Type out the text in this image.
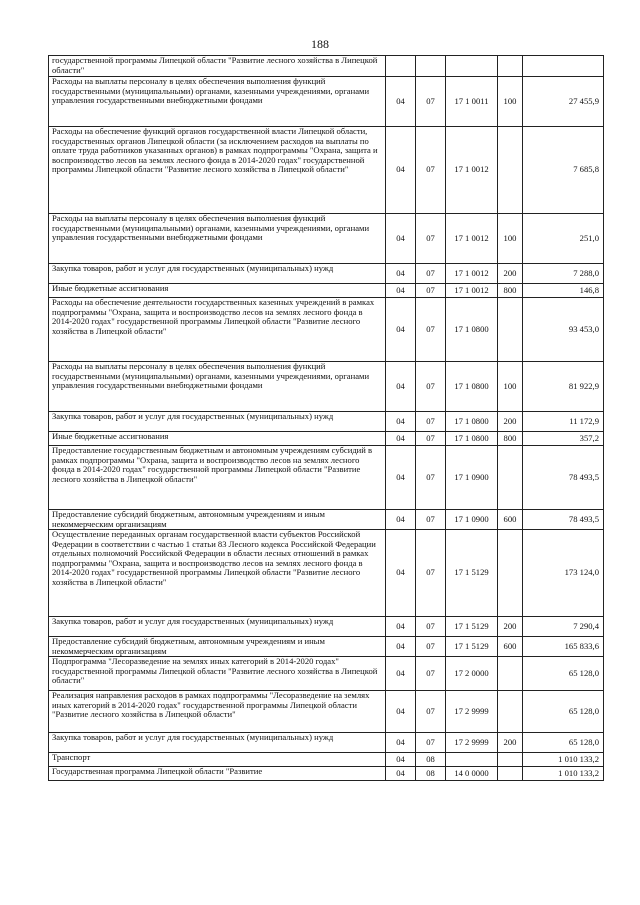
188
государственной программы Липецкой области "Развитие лесного хозяйства в Липецкой области"					
Расходы на выплаты персоналу в целях обеспечения выполнения функций государственными (муниципальными) органами, казенными учреждениями, органами управления государственными внебюджетными фондами	04	07	17 1 0011	100	27 455,9
Расходы на обеспечение функций органов государственной власти Липецкой области, государственных органов Липецкой области (за исключением расходов на выплаты по оплате труда работников указанных органов) в рамках подпрограммы "Охрана, защита и воспроизводство лесов на землях лесного фонда в 2014-2020 годах" государственной программы Липецкой области "Развитие лесного хозяйства в Липецкой области"	04	07	17 1 0012		7 685,8
Расходы на выплаты персоналу в целях обеспечения выполнения функций государственными (муниципальными) органами, казенными учреждениями, органами управления государственными внебюджетными фондами	04	07	17 1 0012	100	251,0
Закупка товаров, работ и услуг для государственных (муниципальных) нужд	04	07	17 1 0012	200	7 288,0
Иные бюджетные ассигнования	04	07	17 1 0012	800	146,8
Расходы на обеспечение деятельности государственных казенных учреждений в рамках подпрограммы "Охрана, защита и воспроизводство лесов на землях лесного фонда в 2014-2020 годах" государственной программы Липецкой области "Развитие лесного хозяйства в Липецкой области"	04	07	17 1 0800		93 453,0
Расходы на выплаты персоналу в целях обеспечения выполнения функций государственными (муниципальными) органами, казенными учреждениями, органами управления государственными внебюджетными фондами	04	07	17 1 0800	100	81 922,9
Закупка товаров, работ и услуг для государственных (муниципальных) нужд	04	07	17 1 0800	200	11 172,9
Иные бюджетные ассигнования	04	07	17 1 0800	800	357,2
Предоставление государственным бюджетным и автономным учреждениям субсидий в рамках подпрограммы "Охрана, защита и воспроизводство лесов на землях лесного фонда в 2014-2020 годах" государственной программы Липецкой области "Развитие лесного хозяйства в Липецкой области"	04	07	17 1 0900		78 493,5
Предоставление субсидий бюджетным, автономным учреждениям и иным некоммерческим организациям	04	07	17 1 0900	600	78 493,5
Осуществление переданных органам государственной власти субъектов Российской Федерации в соответствии с частью 1 статьи 83 Лесного кодекса Российской Федерации отдельных полномочий Российской Федерации в области лесных отношений в рамках подпрограммы "Охрана, защита и воспроизводство лесов на землях лесного фонда в 2014-2020 годах" государственной программы Липецкой области "Развитие лесного хозяйства в Липецкой области"	04	07	17 1 5129		173 124,0
Закупка товаров, работ и услуг для государственных (муниципальных) нужд	04	07	17 1 5129	200	7 290,4
Предоставление субсидий бюджетным, автономным учреждениям и иным некоммерческим организациям	04	07	17 1 5129	600	165 833,6
Подпрограмма "Лесоразведение на землях иных категорий в 2014-2020 годах" государственной программы Липецкой области "Развитие лесного хозяйства в Липецкой области"	04	07	17 2 0000		65 128,0
Реализация направления расходов в рамках подпрограммы "Лесоразведение на землях иных категорий в 2014-2020 годах" государственной программы Липецкой области "Развитие лесного хозяйства в Липецкой области"	04	07	17 2 9999		65 128,0
Закупка товаров, работ и услуг для государственных (муниципальных) нужд	04	07	17 2 9999	200	65 128,0
Транспорт	04	08			1 010 133,2
Государственная программа Липецкой области "Развитие	04	08	14 0 0000		1 010 133,2
